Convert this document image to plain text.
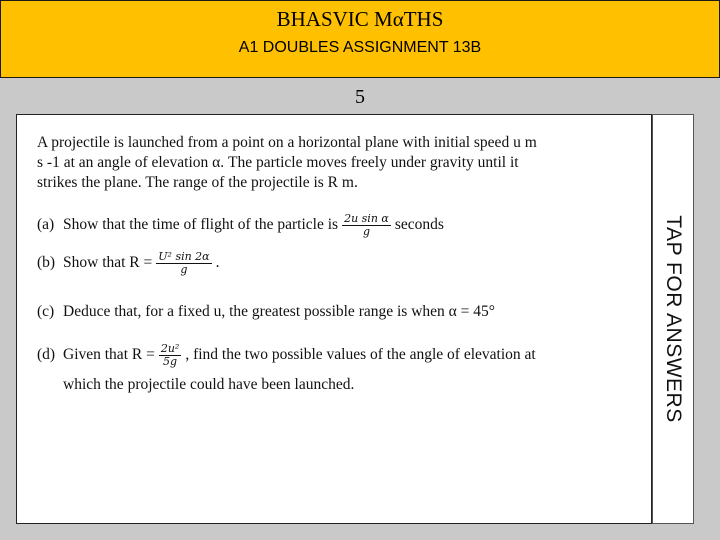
BHASVIC MαTHS
A1 DOUBLES ASSIGNMENT 13B
5

A projectile is launched from a point on a horizontal plane with initial speed u m

s -1 at an angle of elevation α. The particle moves freely under gravity until it

strikes the plane. The range of the projectile is R m.

(a) Show that the time of flight of the particle is $\frac{\text{2u sin α}}{g}$ seconds
(b) Show that $R = \frac{\text{U² sin 2α}}{g}$ .
(c) Deduce that, for a fixed u, the greatest possible range is when α = 45°
(d) Given that $R = \frac{\text{2u²}}{5g}$ , find the two possible values of the angle of elevation at
which the projectile could have been launched.	TAP FOR ANSWERS
